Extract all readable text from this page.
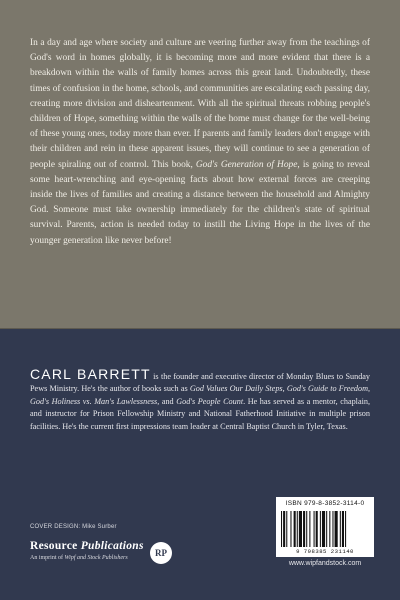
In a day and age where society and culture are veering further away from the teachings of God's word in homes globally, it is becoming more and more evident that there is a breakdown within the walls of family homes across this great land. Undoubtedly, these times of confusion in the home, schools, and communities are escalating each passing day, creating more division and disheartenment. With all the spiritual threats robbing people's children of Hope, something within the walls of the home must change for the well-being of these young ones, today more than ever. If parents and family leaders don't engage with their children and rein in these apparent issues, they will continue to see a generation of people spiraling out of control. This book, God's Generation of Hope, is going to reveal some heart-wrenching and eye-opening facts about how external forces are creeping inside the lives of families and creating a distance between the household and Almighty God. Someone must take ownership immediately for the children's state of spiritual survival. Parents, action is needed today to instill the Living Hope in the lives of the younger generation like never before!

CARL BARRETT is the founder and executive director of Monday Blues to Sunday Pews Ministry. He's the author of books such as God Values Our Daily Steps, God's Guide to Freedom, God's Holiness vs. Man's Lawlessness, and God's People Count. He has served as a mentor, chaplain, and instructor for Prison Fellowship Ministry and National Fatherhood Initiative in multiple prison facilities. He's the current first impressions team leader at Central Baptist Church in Tyler, Texas.

COVER DESIGN: Mike Surber
Resource Publications
An imprint of Wipf and Stock Publishers	RP
ISBN 979-8-3852-3114-0
9 798385 231140
www.wipfandstock.com
